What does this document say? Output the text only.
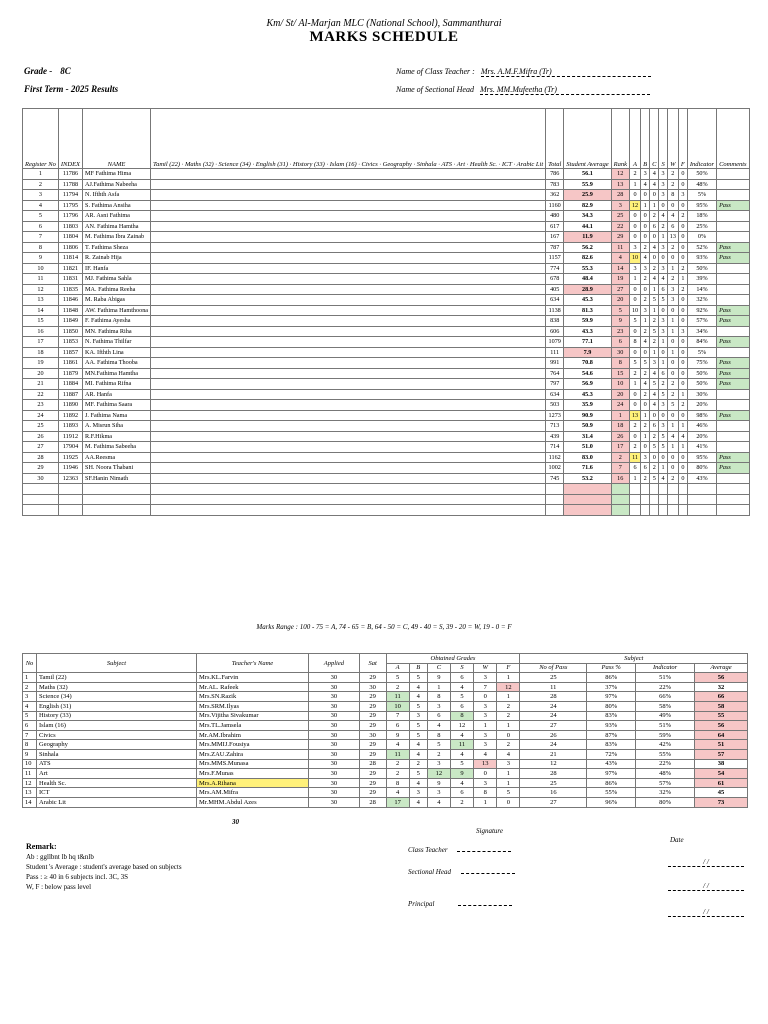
Km/ St/ Al-Marjan MLC (National School), Sammanthurai
MARKS SCHEDULE
Grade - 8C
First Term - 2025 Results
Name of Class Teacher : Mrs. A.M.F.Mifra (Tr)
Name of Sectional Head Mrs. MM.Mufeetha (Tr)
Register No	INDEX	NAME	Tamil (22) · Maths (32) · Science (34) · English (31) · History (33) · Islam (16) · Civics · Geography · Sinhala · ATS · Art · Health Sc. · ICT · Arabic Lit	Total	Student Average	Rank	A	B	C	S	W	F	Indicator	Comments
1	11786	MF Fathima Hima		786	56.1	12	2	3	4	3	2	0	50%	
2	11788	AJ.Fathima Nabeeha		783	55.9	13	1	4	4	3	2	0	48%	
3	11794	N. Ifthth Asfa		362	25.9	28	0	0	0	3	8	3	5%	
4	11795	S. Fathima Ansiha		1160	82.9	3	12	1	1	0	0	0	95%	Pass
5	11796	AR. Asni Fathima		480	34.3	25	0	0	2	4	4	2	18%	
6	11803	AN. Fathima Hamtha		617	44.1	22	0	0	6	2	6	0	25%	
7	11804	M. Fathima Ibra Zainab		167	11.9	29	0	0	0	1	13	0	0%	
8	11806	T. Fathima Sheza		787	56.2	11	3	2	4	3	2	0	52%	Pass
9	11814	R. Zainab Hija		1157	82.6	4	10	4	0	0	0	0	93%	Pass
10	11821	IF. Hanfa		774	55.3	14	3	3	2	3	1	2	50%	
11	11831	MJ. Fathima Sahla		678	48.4	19	1	2	4	4	2	1	39%	
12	11835	MA. Fathima Reeha		405	28.9	27	0	0	1	6	3	2	14%	
13	11846	M. Raba Abigas		634	45.3	20	0	2	5	5	3	0	32%	
14	11848	AW. Fathima Hamthoona		1138	81.3	5	10	3	1	0	0	0	92%	Pass
15	11849	F. Fathima Ayesha		838	59.9	9	5	1	2	3	1	0	57%	Pass
16	11850	MN. Fathima Riha		606	43.3	23	0	2	5	3	1	3	34%	
17	11853	N. Fathima Thilfar		1079	77.1	6	8	4	2	1	0	0	84%	Pass
18	11857	KA. Ifthth Lina		111	7.9	30	0	0	1	0	1	0	5%	
19	11861	AA. Fathima Thooba		991	70.8	8	5	5	3	1	0	0	75%	Pass
20	11879	MN.Fathima Hamtha		764	54.6	15	2	2	4	6	0	0	50%	Pass
21	11884	MI. Fathima Rifna		797	56.9	10	1	4	5	2	2	0	50%	Pass
22	11887	AR. Hanfa		634	45.3	20	0	2	4	5	2	1	30%	
23	11890	MF. Fathima Saara		503	35.9	24	0	0	4	3	5	2	20%	
24	11892	J. Fathima Nama		1273	90.9	1	13	1	0	0	0	0	98%	Pass
25	11893	A. Misrun Siha		713	50.9	18	2	2	6	3	1	1	46%	
26	11912	R.F.Hikma		439	31.4	26	0	1	2	5	4	4	20%	
27	17904	M. Fathima Sabeeha		714	51.0	17	2	0	5	5	1	1	41%	
28	11925	AA.Reesma		1162	83.0	2	11	3	0	0	0	0	95%	Pass
29	11946	SH. Noora Thabani		1002	71.6	7	6	6	2	1	0	0	80%	Pass
30	12363	SF.Hanin Nimath		745	53.2	16	1	2	5	4	2	0	43%	

Marks Range : 100 - 75 = A, 74 - 65 = B, 64 - 50 = C, 49 - 40 = S, 39 - 20 = W, 19 - 0 = F
No	Subject	Teacher's Name	Applied	Sat	Obtained Grades						Subject			
					A	B	C	S	W	F	No of Pass	Pass %	Indicator	Average
1	Tamil (22)	Mrs.KL.Farvin	30	29	5	5	9	6	3	1	25	86%	51%	56
2	Maths (32)	Mr.AL. Rafeek	30	30	2	4	1	4	7	12	11	37%	22%	32
3	Science (34)	Mrs.SN.Razik	30	29	11	4	8	5	0	1	28	97%	66%	66
4	English (31)	Mrs.SRM.Ilyas	30	29	10	5	3	6	3	2	24	80%	58%	58
5	History (33)	Mrs.Vijitha Sivakumar	30	29	7	3	6	8	3	2	24	83%	49%	55
6	Islam (16)	Mrs.TL.Jamsela	30	29	6	5	4	12	1	1	27	93%	51%	56
7	Civics	Mr.AM.Ibrahim	30	30	9	5	8	4	3	0	26	87%	59%	64
8	Geography	Mrs.MMIJ.Fousiya	30	29	4	4	5	11	3	2	24	83%	42%	51
9	Sinhala	Mrs.ZAU.Zahira	30	29	11	4	2	4	4	4	21	72%	55%	57
10	ATS	Mrs.MMS.Munasa	30	28	2	2	3	5	13	3	12	43%	22%	38
11	Art	Mrs.F.Munas	30	29	2	5	12	9	0	1	28	97%	48%	54
12	Health Sc.	Mrs.A.Rihana	30	29	8	4	9	4	3	1	25	86%	57%	61
13	ICT	Mrs.AM.Mifra	30	29	4	3	3	6	8	5	16	55%	32%	45
14	Arabic Lit	Mr.MHM.Abdul Azes	30	28	17	4	4	2	1	0	27	96%	80%	73
30
Remark:
Ab : ggllbnt lb hq t&nlb
Student 's Average : student's average based on subjects
Pass : ≥ 40 in 6 subjects incl. 3C, 3S
W, F : below pass level
Signature
Class Teacher
Sectional Head
Principal
Date
/ /
/ /
/ /
